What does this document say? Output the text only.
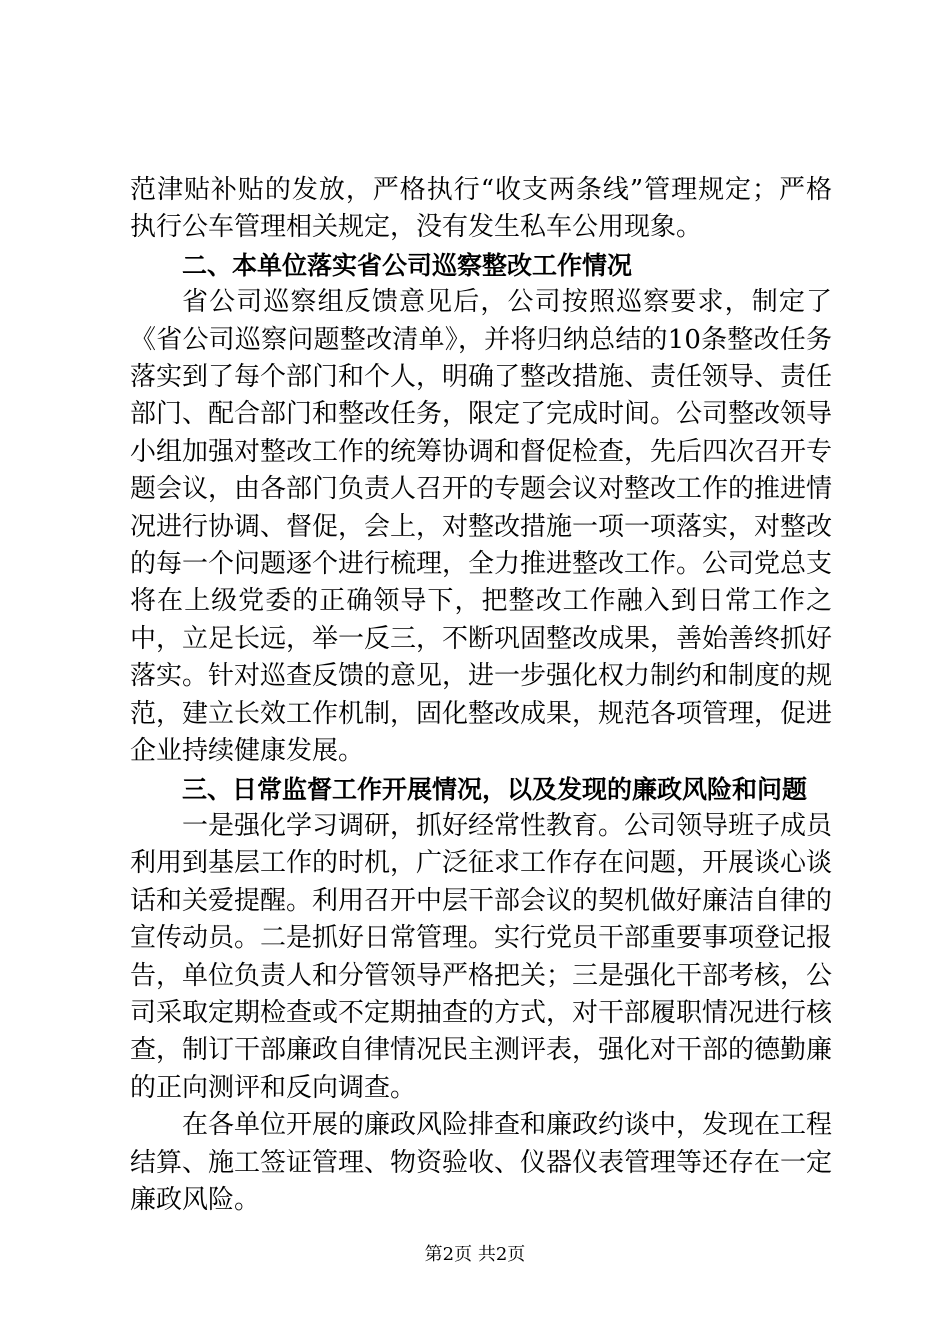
范津贴补贴的发放，严格执行“收支两条线”管理规定；严格执行公车管理相关规定，没有发生私车公用现象。

二、本单位落实省公司巡察整改工作情况

省公司巡察组反馈意见后，公司按照巡察要求，制定了《省公司巡察问题整改清单》，并将归纳总结的10条整改任务落实到了每个部门和个人，明确了整改措施、责任领导、责任部门、配合部门和整改任务，限定了完成时间。公司整改领导小组加强对整改工作的统筹协调和督促检查，先后四次召开专题会议，由各部门负责人召开的专题会议对整改工作的推进情况进行协调、督促，会上，对整改措施一项一项落实，对整改的每一个问题逐个进行梳理，全力推进整改工作。公司党总支将在上级党委的正确领导下，把整改工作融入到日常工作之中，立足长远，举一反三，不断巩固整改成果，善始善终抓好落实。针对巡查反馈的意见，进一步强化权力制约和制度的规范，建立长效工作机制，固化整改成果，规范各项管理，促进企业持续健康发展。

三、日常监督工作开展情况，以及发现的廉政风险和问题

一是强化学习调研，抓好经常性教育。公司领导班子成员利用到基层工作的时机，广泛征求工作存在问题，开展谈心谈话和关爱提醒。利用召开中层干部会议的契机做好廉洁自律的宣传动员。二是抓好日常管理。实行党员干部重要事项登记报告，单位负责人和分管领导严格把关；三是强化干部考核，公司采取定期检查或不定期抽查的方式，对干部履职情况进行核查，制订干部廉政自律情况民主测评表，强化对干部的德勤廉的正向测评和反向调查。

在各单位开展的廉政风险排查和廉政约谈中，发现在工程结算、施工签证管理、物资验收、仪器仪表管理等还存在一定廉政风险。

第2页 共2页
